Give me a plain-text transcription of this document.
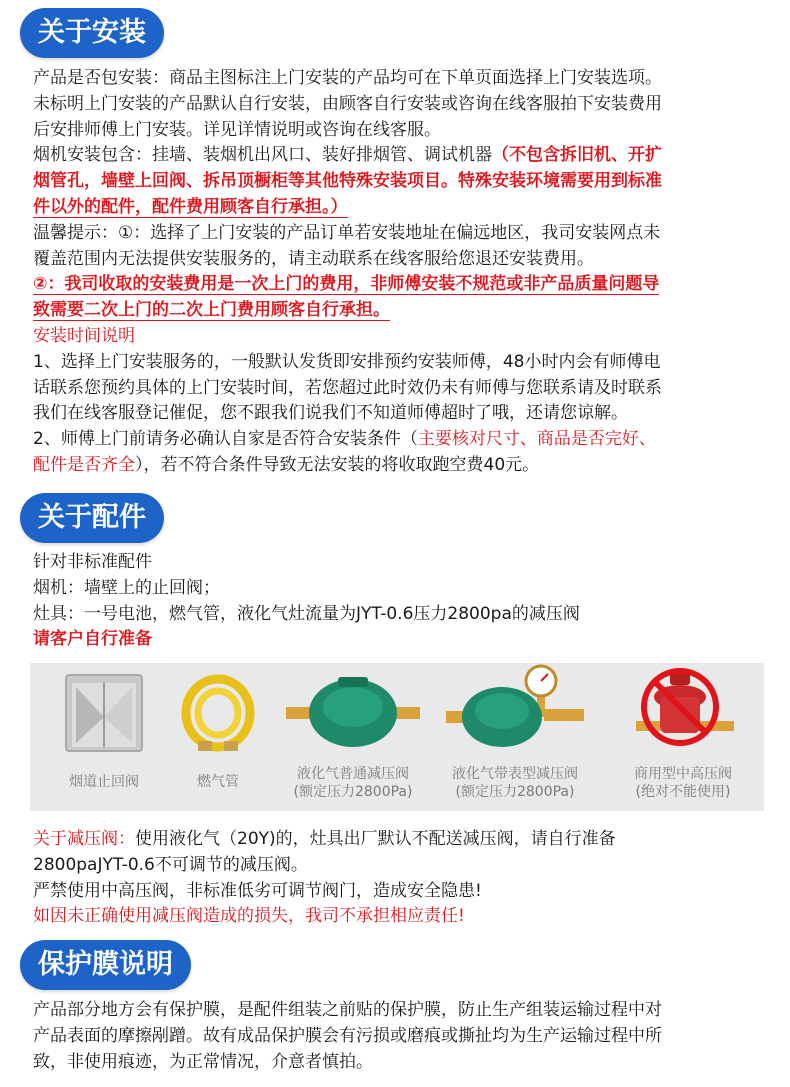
关于安装
产品是否包安装：商品主图标注上门安装的产品均可在下单页面选择上门安装选项。
未标明上门安装的产品默认自行安装，由顾客自行安装或咨询在线客服拍下安装费用
后安排师傅上门安装。详见详情说明或咨询在线客服。
烟机安装包含：挂墙、装烟机出风口、装好排烟管、调试机器（不包含拆旧机、开扩
烟管孔，墙壁上回阀、拆吊顶橱柜等其他特殊安装项目。特殊安装环境需要用到标准
件以外的配件，配件费用顾客自行承担。）
温馨提示：①：选择了上门安装的产品订单若安装地址在偏远地区，我司安装网点未
覆盖范围内无法提供安装服务的，请主动联系在线客服给您退还安装费用。
②：我司收取的安装费用是一次上门的费用，非师傅安装不规范或非产品质量问题导
致需要二次上门的二次上门费用顾客自行承担。
安装时间说明
1、选择上门安装服务的，一般默认发货即安排预约安装师傅，48小时内会有师傅电
话联系您预约具体的上门安装时间，若您超过此时效仍未有师傅与您联系请及时联系
我们在线客服登记催促，您不跟我们说我们不知道师傅超时了哦，还请您谅解。
2、师傅上门前请务必确认自家是否符合安装条件（主要核对尺寸、商品是否完好、
配件是否齐全），若不符合条件导致无法安装的将收取跑空费40元。
关于配件
针对非标准配件
烟机：墙壁上的止回阀；
灶具：一号电池，燃气管，液化气灶流量为JYT-0.6压力2800pa的减压阀
请客户自行准备
烟道止回阀	燃气管	液化气普通减压阀
(额定压力2800Pa)
液化气带表型减压阀
(额定压力2800Pa)
商用型中高压阀
(绝对不能使用)
关于减压阀：使用液化气（20Y)的，灶具出厂默认不配送减压阀，请自行准备
2800paJYT-0.6不可调节的减压阀。
严禁使用中高压阀，非标准低劣可调节阀门，造成安全隐患!
如因未正确使用减压阀造成的损失，我司不承担相应责任!
保护膜说明
产品部分地方会有保护膜，是配件组装之前贴的保护膜，防止生产组装运输过程中对
产品表面的摩擦剐蹭。故有成品保护膜会有污损或磨痕或撕扯均为生产运输过程中所
致，非使用痕迹，为正常情况，介意者慎拍。
